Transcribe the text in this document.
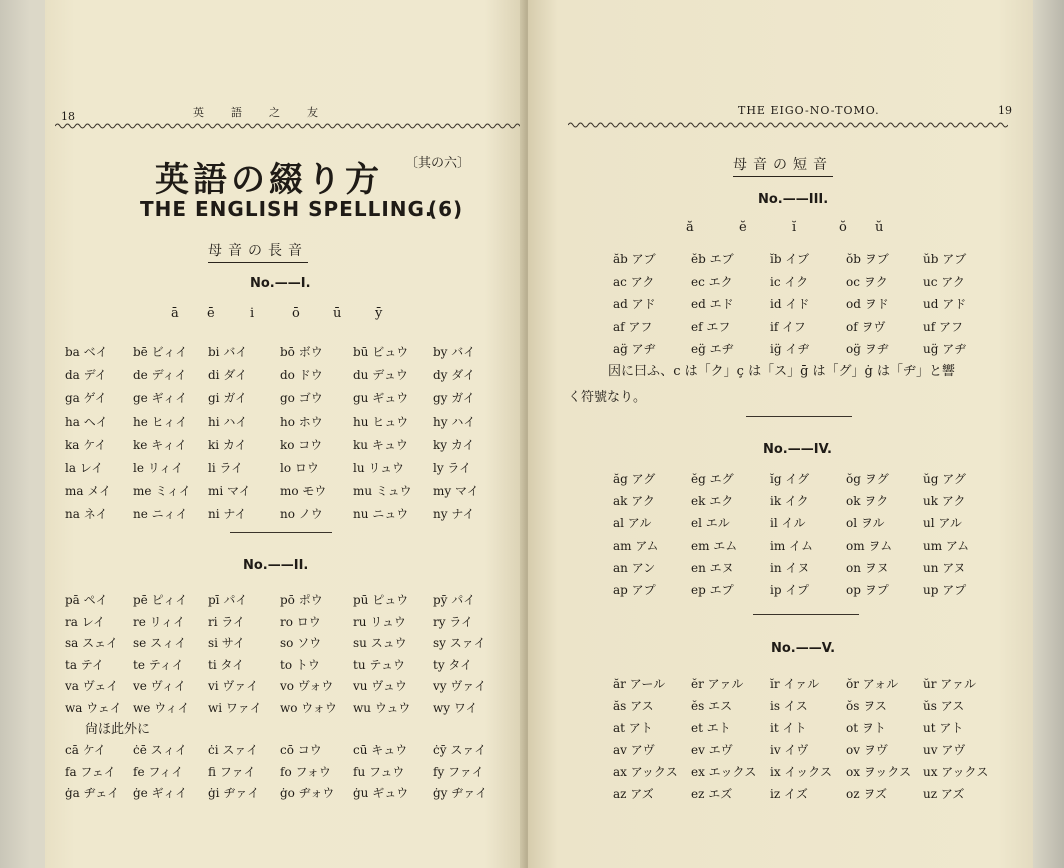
18	英　語　之　友
英語の綴り方 〔其の六〕
THE ENGLISH SPELLING.
(6)
母音の長音
No.——I.
ā ē	i	ō	ū	ȳ
ba ベイ bē ビィイ bi バイ	bō ボウ	bū ビュウ by バイ
da デイ de ディイ di ダイ	do ドウ	du デュウ dy ダイ
ga ゲイ ge ギィイ gi ガイ	go ゴウ	gu ギュウ gy ガイ
ha ヘイ he ヒィイ hi ハイ	ho ホウ	hu ヒュウ hy ハイ
ka ケイ ke キィイ ki カイ	ko コウ	ku キュウ ky カイ
la レイ le リィイ li ライ	lo ロウ	lu リュウ ly ライ
ma メイ me ミィイ mi マイ mo モウ mu ミュウ my マイ
na ネイ ne ニィイ ni ナイ	no ノウ	nu ニュウ ny ナイ
No.——II.
pā ペイ pē ピィイ pī パイ	pō ポウ	pū ピュウ pȳ パイ
ra レイ re リィイ ri ライ	ro ロウ	ru リュウ ry ライ
sa スェイ se スィイ si サイ	so ソウ	su スュウ sy スァイ
ta テイ te ティイ ti タイ	to トウ	tu テュウ ty タイ
va ヴェイ ve ヴィイ vi ヴァイ vo ヴォウ vu ヴュウ vy ヴァイ
wa ウェイ we ウィイ wi ワァイ wo ウォウ wu ウュウ wy ワイ
尙ほ此外に
cā ケイ ċē スィイ ċi スァイ cō コウ	cū キュウ ċȳ スァイ
fa フェイ fe フィイ fi ファイ fo フォウ fu フュウ fy ファイ
ġa ヂェイ ġe ギィイ ġi ヂァイ ġo ヂォウ ġu ギュウ ġy ヂァイ
THE EIGO-NO-TOMO.	19
母音の短音
No.——III.
ă	ĕ	ĭ	ŏ ŭ
ăb アブ	ĕb エブ	ĭb イブ	ŏb ヲブ	ŭb アブ
ac アク	ec エク	ic イク	oc ヲク	uc アク
ad アド	ed エド	id イド	od ヲド	ud アド
af アフ	ef エフ	if イフ	of ヲヴ	uf アフ
ag̈ アヂ	eg̈ エヂ	ig̈ イヂ	og̈ ヲヂ	ug̈ アヂ
因に曰ふ、c は「ク」ç は「ス」ḡ は「グ」ġ は「ヂ」と響
く符號なり。
No.——IV.
ăg アグ	ĕg エグ	ĭg イグ	ŏg ヲグ	ŭg アグ
ak アク	ek エク	ik イク	ok ヲク	uk アク
al アル	el エル	il イル	ol ヲル	ul アル
am アム	em エム	im イム	om ヲム	um アム
an アン	en エヌ	in イヌ	on ヲヌ	un アヌ
ap アプ	ep エプ	ip イプ	op ヲプ	up アプ
No.——V.
ăr アール ĕr アァル ĭr イァル ŏr アォル ŭr アァル
ăs アス	ĕs エス	is イス	ŏs ヲス	ŭs アス
at アト	et エト	it イト	ot ヲト	ut アト
av アヴ	ev エヴ	iv イヴ	ov ヲヴ	uv アヴ
ax アックス ex エックス ix イックス ox ヲックス ux アックス
az アズ	ez エズ	iz イズ	oz ヲズ	uz アズ
